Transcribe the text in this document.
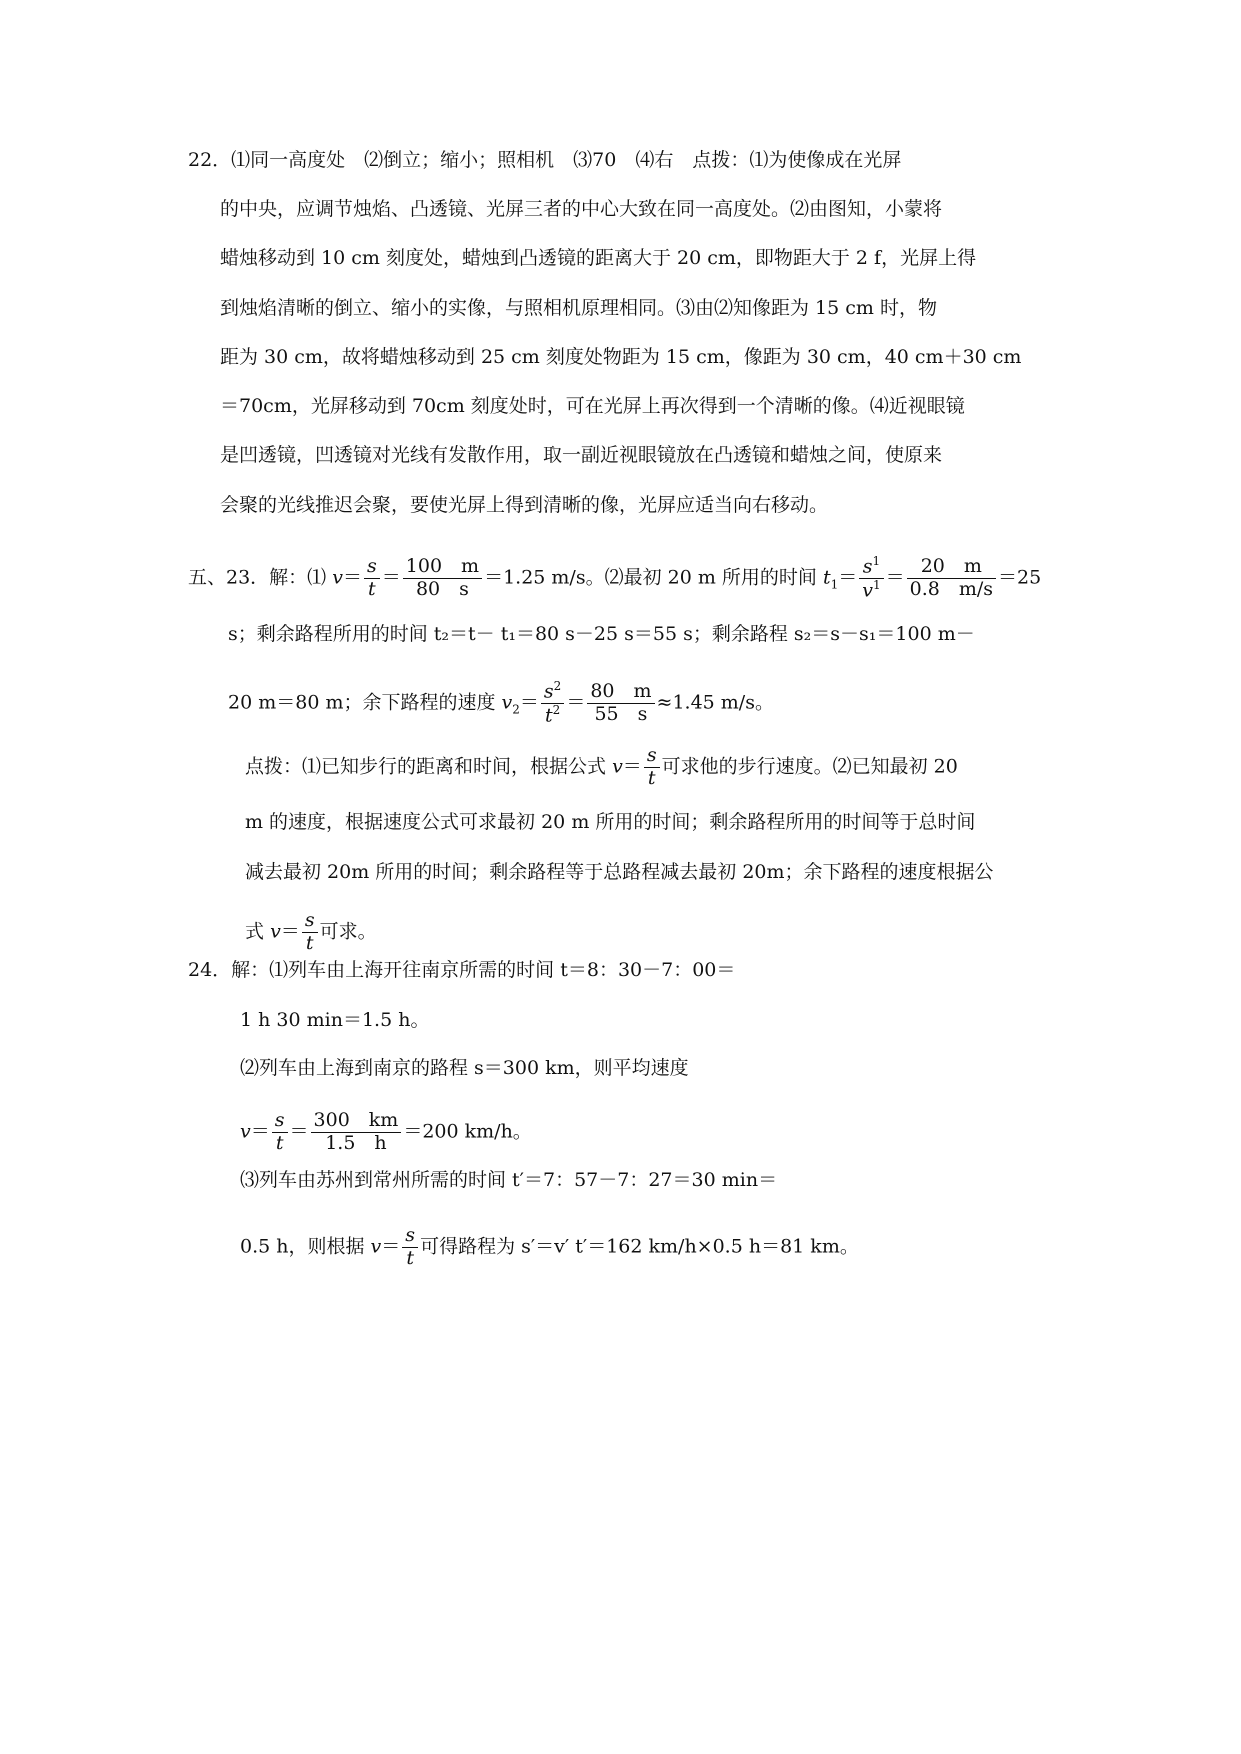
22．⑴同一高度处　⑵倒立；缩小；照相机　⑶70　⑷右　点拨：⑴为使像成在光屏
的中央，应调节烛焰、凸透镜、光屏三者的中心大致在同一高度处。⑵由图知，小蒙将
蜡烛移动到 10 cm 刻度处，蜡烛到凸透镜的距离大于 20 cm，即物距大于 2 f，光屏上得
到烛焰清晰的倒立、缩小的实像，与照相机原理相同。⑶由⑵知像距为 15 cm 时，物
距为 30 cm，故将蜡烛移动到 25 cm 刻度处物距为 15 cm，像距为 30 cm，40 cm＋30 cm
＝70cm，光屏移动到 70cm 刻度处时，可在光屏上再次得到一个清晰的像。⑷近视眼镜
是凹透镜，凹透镜对光线有发散作用，取一副近视眼镜放在凸透镜和蜡烛之间，使原来
会聚的光线推迟会聚，要使光屏上得到清晰的像，光屏应适当向右移动。
五、23．解：⑴ $v= \frac{s}{t} = \frac{100 m}{80 s} =1.25$ m/s。⑵最初 20 m 所用的时间 $t_1= \frac{s^1}{v^1} = \frac{20 m}{0.8 m/s} =25$
s；剩余路程所用的时间 t₂＝t－ t₁＝80 s－25 s＝55 s；剩余路程 s₂＝s－s₁＝100 m－
20 m＝80 m；余下路程的速度 $v_2= \frac{s^2}{t^2} = \frac{80 m}{55 s} \approx 1.45$ m/s。
点拨：⑴已知步行的距离和时间，根据公式 $v= \frac{s}{t}$ 可求他的步行速度。⑵已知最初 20
m 的速度，根据速度公式可求最初 20 m 所用的时间；剩余路程所用的时间等于总时间
减去最初 20m 所用的时间；剩余路程等于总路程减去最初 20m；余下路程的速度根据公
式 $v= \frac{s}{t}$ 可求。
24．解：⑴列车由上海开往南京所需的时间 t＝8：30－7：00＝
1 h 30 min＝1.5 h。
⑵列车由上海到南京的路程 s＝300 km，则平均速度
$v= \frac{s}{t} = \frac{300 km}{1.5 h} =200$ km/h。
⑶列车由苏州到常州所需的时间 t′＝7：57－7：27＝30 min＝
0.5 h，则根据 $v= \frac{s}{t}$ 可得路程为 s′＝v′ t′＝162 km/h×0.5 h＝81 km。
